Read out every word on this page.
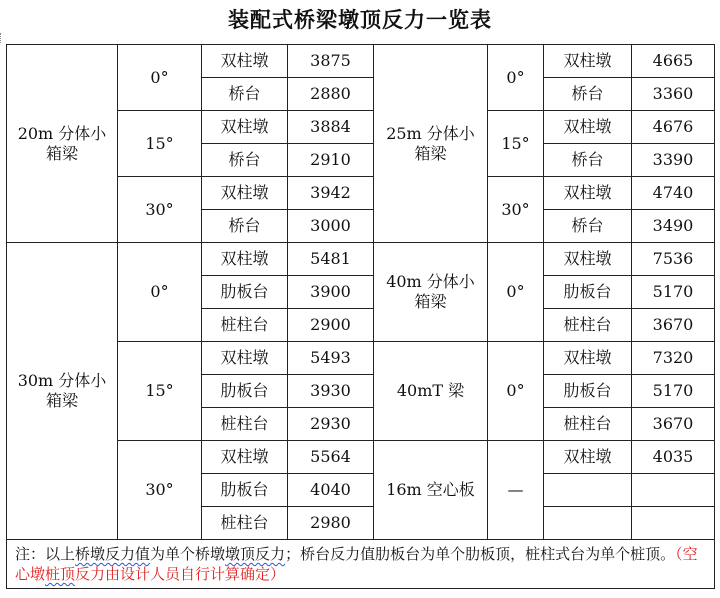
装配式桥梁墩顶反力一览表
20m 分体小箱梁	0°	双柱墩	3875	25m 分体小箱梁	0°	双柱墩	4665
		桥台	2880			桥台	3360
	15°	双柱墩	3884		15°	双柱墩	4676
		桥台	2910			桥台	3390
	30°	双柱墩	3942		30°	双柱墩	4740
		桥台	3000			桥台	3490
30m 分体小箱梁	0°	双柱墩	5481	40m 分体小箱梁	0°	双柱墩	7536
		肋板台	3900			肋板台	5170
		桩柱台	2900			桩柱台	3670
	15°	双柱墩	5493	40mT 梁	0°	双柱墩	7320
		肋板台	3930			肋板台	5170
		桩柱台	2930			桩柱台	3670
	30°	双柱墩	5564	16m 空心板	—	双柱墩	4035
		肋板台	4040				
		桩柱台	2980				
注：以上桥墩反力值为单个桥墩墩顶反力；桥台反力值肋板台为单个肋板顶，桩柱式台为单个桩顶。（空心墩桩顶反力由设计人员自行计算确定）							
